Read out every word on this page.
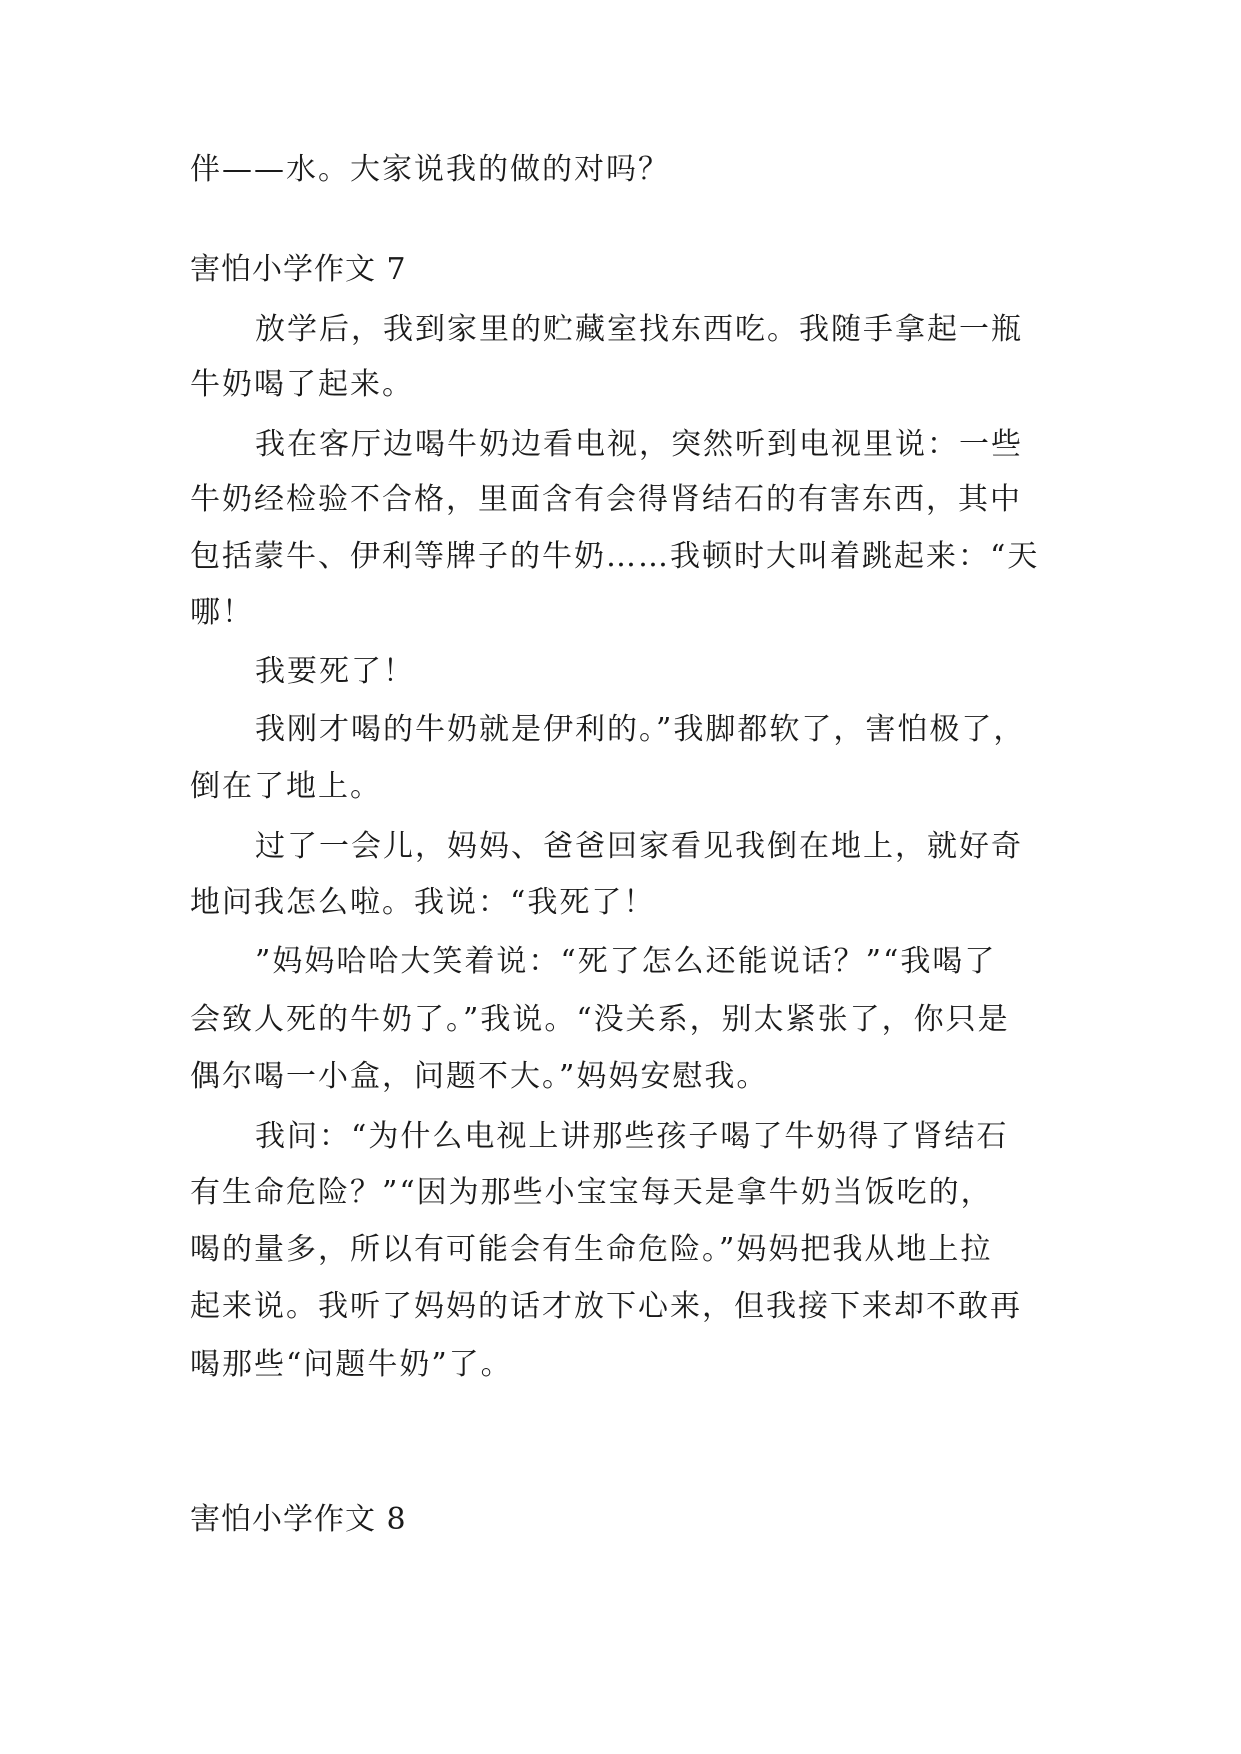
伴——水。大家说我的做的对吗？
害怕小学作文 7
放学后，我到家里的贮藏室找东西吃。我随手拿起一瓶
牛奶喝了起来。
我在客厅边喝牛奶边看电视，突然听到电视里说：一些
牛奶经检验不合格，里面含有会得肾结石的有害东西，其中
包括蒙牛、伊利等牌子的牛奶……我顿时大叫着跳起来：“天
哪！
我要死了！
我刚才喝的牛奶就是伊利的。”我脚都软了，害怕极了，
倒在了地上。
过了一会儿，妈妈、爸爸回家看见我倒在地上，就好奇
地问我怎么啦。我说：“我死了！
”妈妈哈哈大笑着说：“死了怎么还能说话？”“我喝了
会致人死的牛奶了。”我说。“没关系，别太紧张了，你只是
偶尔喝一小盒，问题不大。”妈妈安慰我。
我问：“为什么电视上讲那些孩子喝了牛奶得了肾结石
有生命危险？”“因为那些小宝宝每天是拿牛奶当饭吃的，
喝的量多，所以有可能会有生命危险。”妈妈把我从地上拉
起来说。我听了妈妈的话才放下心来，但我接下来却不敢再
喝那些“问题牛奶”了。
害怕小学作文 8
